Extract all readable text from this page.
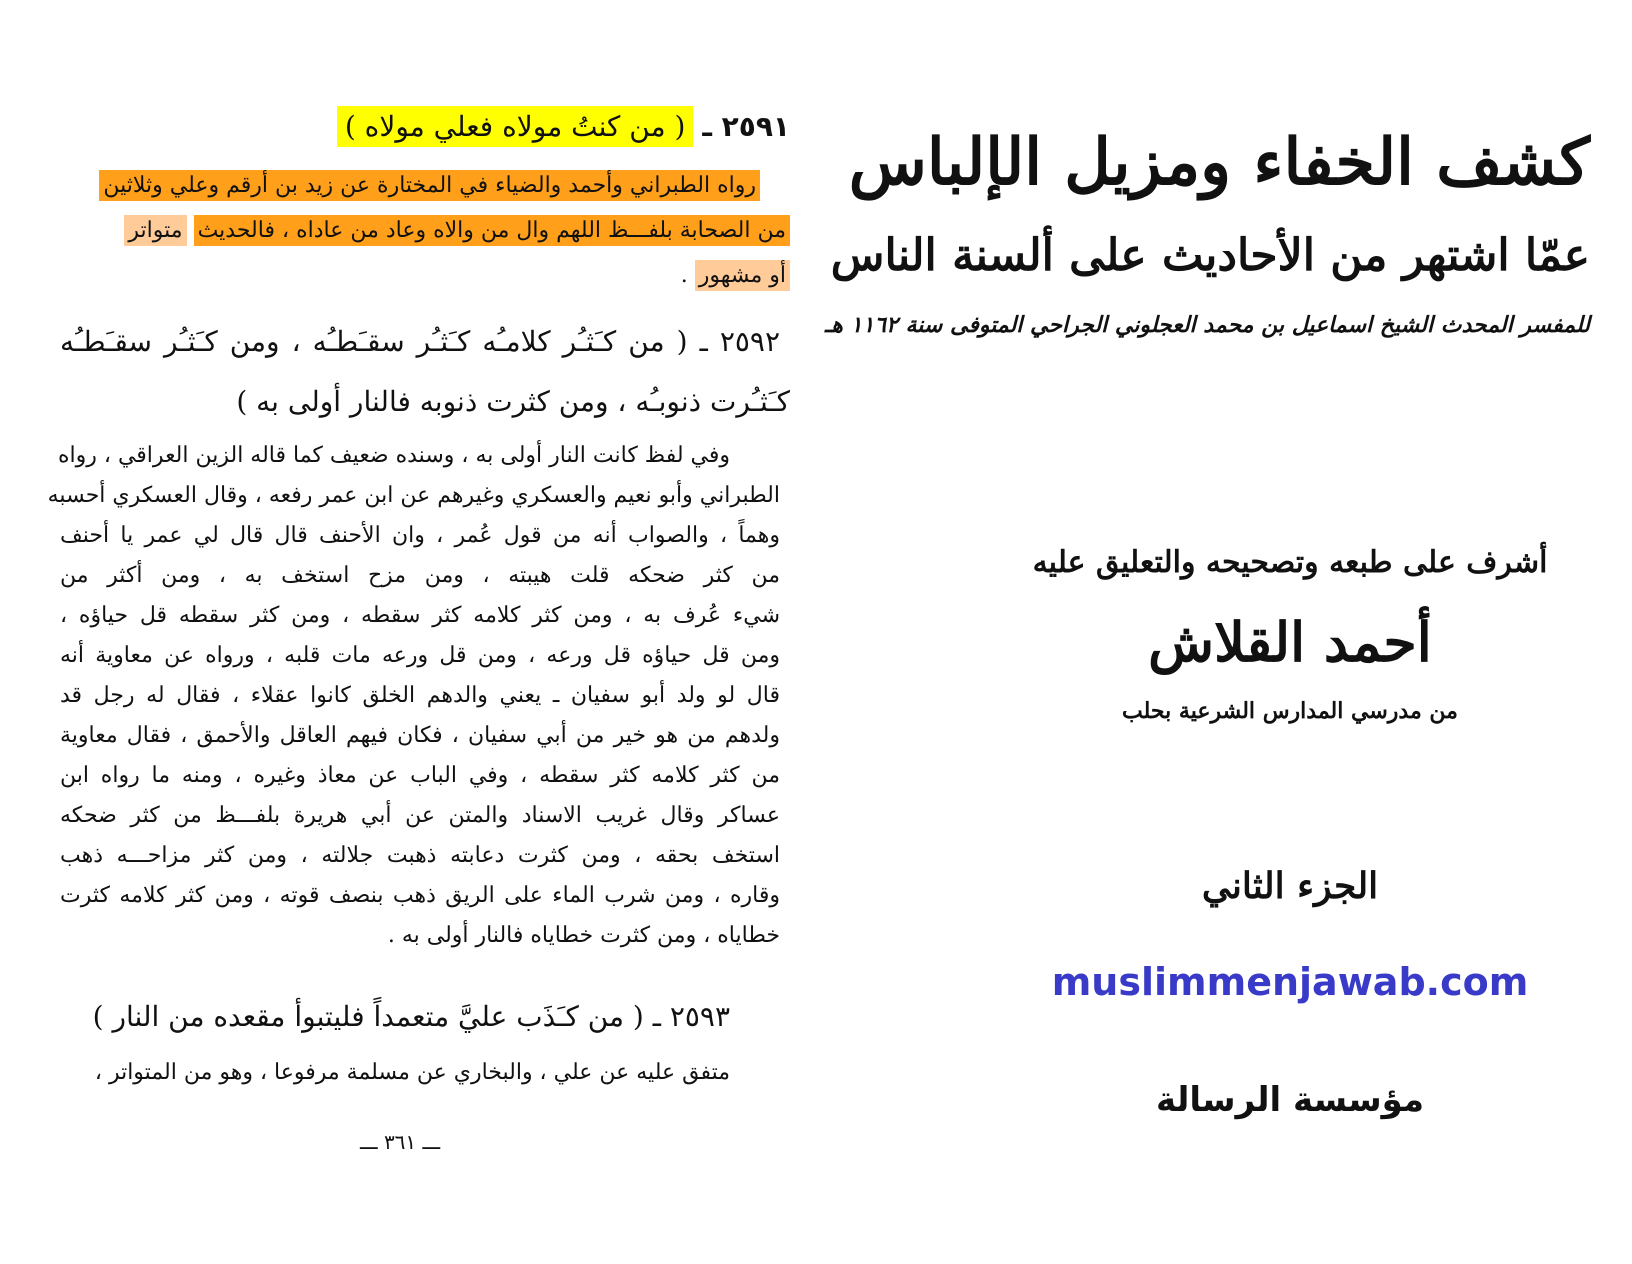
٢٥٩١ ـ ( من كنتُ مولاه فعلي مولاه )
رواه الطبراني وأحمد والضياء في المختارة عن زيد بن أرقم وعلي وثلاثين
من الصحابة بلفـــظ اللهم وال من والاه وعاد من عاداه ، فالحديث متواتر
أو مشهور .
٢٥٩٢ ـ ( من كـَثـُر كلامـُه كـَثـُر سقـَطـُه ، ومن كـَثـُر سقـَطـُه
كـَثـُرت ذنوبـُه ، ومن كثرت ذنوبه فالنار أولى به )
وفي لفظ كانت النار أولى به ، وسنده ضعيف كما قاله الزين العراقي ، رواه
الطبراني وأبو نعيم والعسكري وغيرهم عن ابن عمر رفعه ، وقال العسكري أحسبه
وهماً ، والصواب أنه من قول عُمر ، وان الأحنف قال قال لي عمر يا أحنف
من كثر ضحكه قلت هيبته ، ومن مزح استخف به ، ومن أكثر من
شيء عُرف به ، ومن كثر كلامه كثر سقطه ، ومن كثر سقطه قل حياؤه ،
ومن قل حياؤه قل ورعه ، ومن قل ورعه مات قلبه ، ورواه عن معاوية أنه
قال لو ولد أبو سفيان ـ يعني والدهم الخلق كانوا عقلاء ، فقال له رجل قد
ولدهم من هو خير من أبي سفيان ، فكان فيهم العاقل والأحمق ، فقال معاوية
من كثر كلامه كثر سقطه ، وفي الباب عن معاذ وغيره ، ومنه ما رواه ابن
عساكر وقال غريب الاسناد والمتن عن أبي هريرة بلفـــظ من كثر ضحكه
استخف بحقه ، ومن كثرت دعابته ذهبت جلالته ، ومن كثر مزاحـــه ذهب
وقاره ، ومن شرب الماء على الريق ذهب بنصف قوته ، ومن كثر كلامه كثرت
خطاياه ، ومن كثرت خطاياه فالنار أولى به .
٢٥٩٣ ـ ( من كـَذَب عليَّ متعمداً فليتبوأ مقعده من النار )
متفق عليه عن علي ، والبخاري عن مسلمة مرفوعا ، وهو من المتواتر ،
ـــ ٣٦١ ـــ
كشف الخفاء ومزيل الإلباس
عمّا اشتهر من الأحاديث على ألسنة الناس
للمفسر المحدث الشيخ اسماعيل بن محمد العجلوني الجراحي المتوفى سنة ١١٦٢ هـ
أشرف على طبعه وتصحيحه والتعليق عليه
أحمد القلاش
من مدرسي المدارس الشرعية بحلب
الجزء الثاني
muslimmenjawab.com
مؤسسة الرسالة
